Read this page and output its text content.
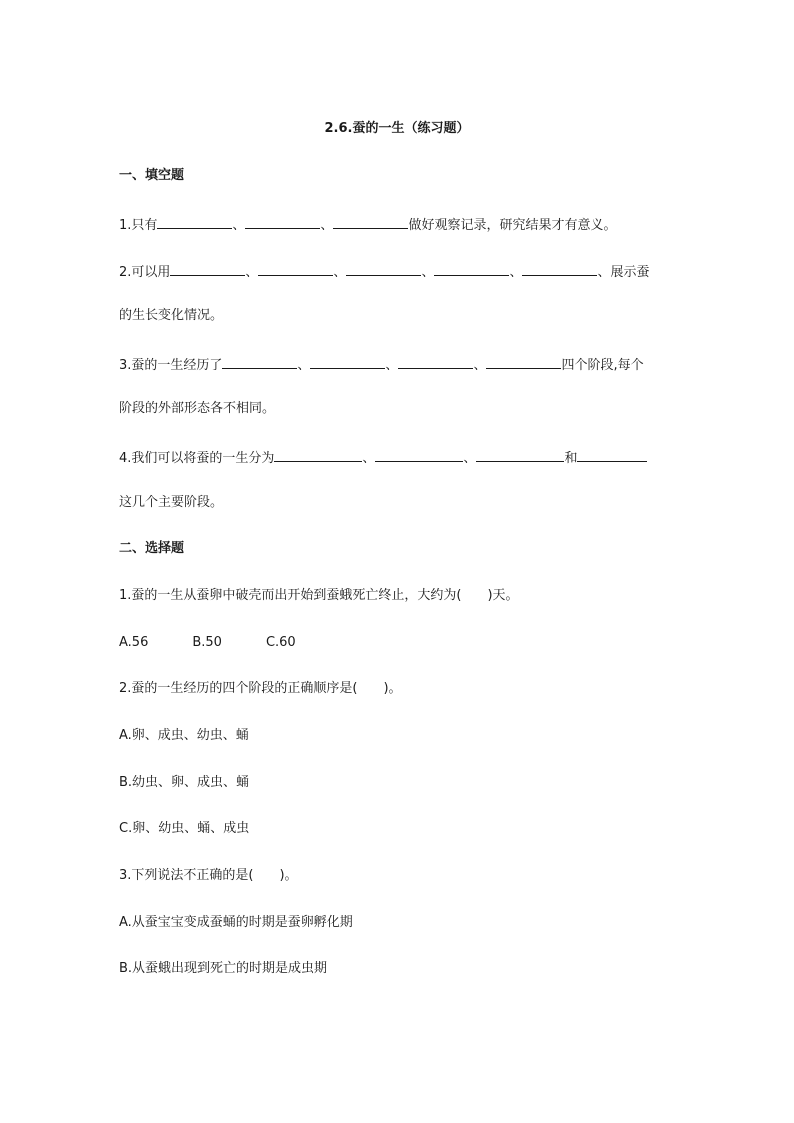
2.6.蚕的一生（练习题）
一、填空题
1.只有	、	、	做好观察记录，研究结果才有意义。
2.可以用	、	、	、	、	、展示蚕
的生长变化情况。
3.蚕的一生经历了	、	、	、	四个阶段,每个
阶段的外部形态各不相同。
4.我们可以将蚕的一生分为	、	、	和
这几个主要阶段。
二、选择题
1.蚕的一生从蚕卵中破壳而出开始到蚕蛾死亡终止，大约为( )天。
A.56	B.50	C.60
2.蚕的一生经历的四个阶段的正确顺序是( )。
A.卵、成虫、幼虫、蛹
B.幼虫、卵、成虫、蛹
C.卵、幼虫、蛹、成虫
3.下列说法不正确的是( )。
A.从蚕宝宝变成蚕蛹的时期是蚕卵孵化期
B.从蚕蛾出现到死亡的时期是成虫期
